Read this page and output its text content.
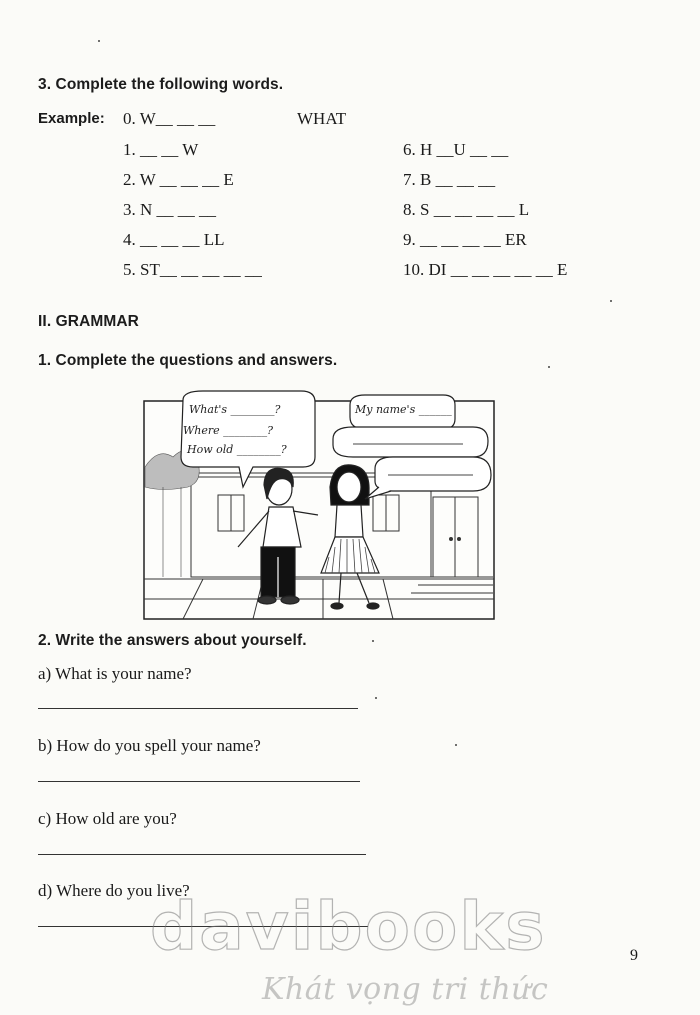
3. Complete the following words.
Example: 0. W__ __ __	WHAT
1. __ __ W
2. W __ __ __ E
3. N __ __ __
4. __ __ __ LL
5. ST__ __ __ __ __
6. H __U __ __
7. B __ __ __
8. S __ __ __ __ L
9. __ __ __ __ ER
10. DI __ __ __ __ __ E
II. GRAMMAR
1. Complete the questions and answers.
What's ________?
Where ________?
How old ________?
My name's ______
2. Write the answers about yourself.
a) What is your name?
b) How do you spell your name?
c) How old are you?
d) Where do you live?
davibooks
Khát vọng tri thức
9
